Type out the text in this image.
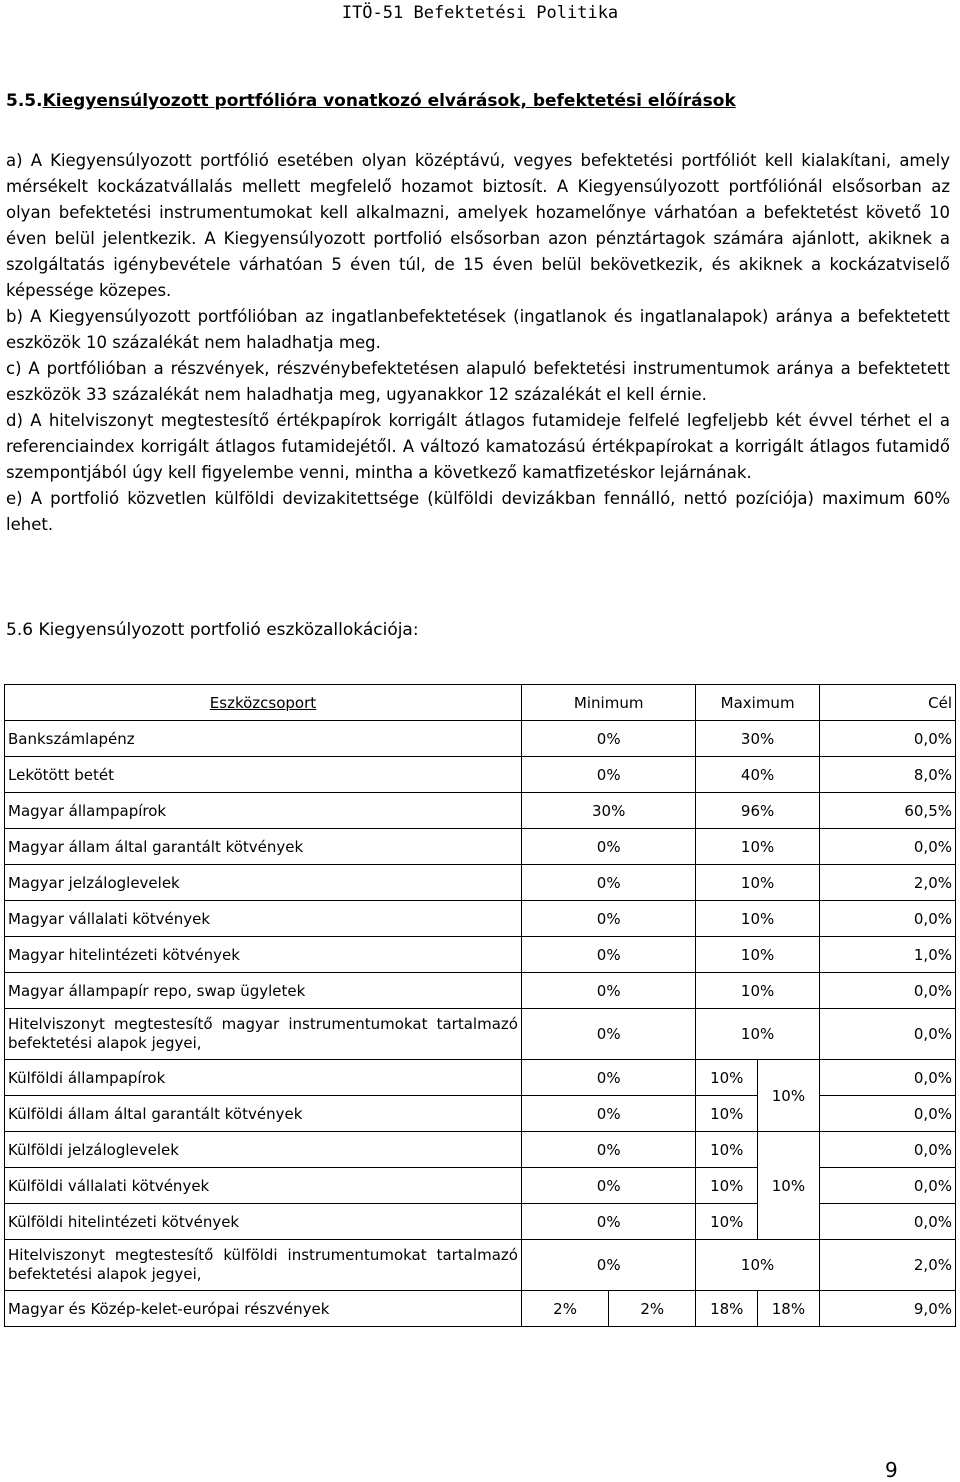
ITÖ-51 Befektetési Politika
5.5.Kiegyensúlyozott portfólióra vonatkozó elvárások, befektetési előírások

a) A Kiegyensúlyozott portfólió esetében olyan középtávú, vegyes befektetési portfóliót kell kialakítani, amely mérsékelt kockázatvállalás mellett megfelelő hozamot biztosít. A Kiegyensúlyozott portfóliónál elsősorban az olyan befektetési instrumentumokat kell alkalmazni, amelyek hozamelőnye várhatóan a befektetést követő 10 éven belül jelentkezik. A Kiegyensúlyozott portfolió elsősorban azon pénztártagok számára ajánlott, akiknek a szolgáltatás igénybevétele várhatóan 5 éven túl, de 15 éven belül bekövetkezik, és akiknek a kockázatviselő képessége közepes.

b) A Kiegyensúlyozott portfólióban az ingatlanbefektetések (ingatlanok és ingatlanalapok) aránya a befektetett eszközök 10 százalékát nem haladhatja meg.

c) A portfólióban a részvények, részvénybefektetésen alapuló befektetési instrumentumok aránya a befektetett eszközök 33 százalékát nem haladhatja meg, ugyanakkor 12 százalékát el kell érnie.

d) A hitelviszonyt megtestesítő értékpapírok korrigált átlagos futamideje felfelé legfeljebb két évvel térhet el a referenciaindex korrigált átlagos futamidejétől. A változó kamatozású értékpapírokat a korrigált átlagos futamidő szempontjából úgy kell figyelembe venni, mintha a következő kamatfizetéskor lejárnának.

e) A portfolió közvetlen külföldi devizakitettsége (külföldi devizákban fennálló, nettó pozíciója) maximum 60% lehet.

5.6 Kiegyensúlyozott portfolió eszközallokációja:
Eszközcsoport	Minimum		Maximum		Cél
Bankszámlapénz	0%		30%		0,0%
Lekötött betét	0%		40%		8,0%
Magyar állampapírok	30%		96%		60,5%
Magyar állam által garantált kötvények	0%		10%		0,0%
Magyar jelzáloglevelek	0%		10%		2,0%
Magyar vállalati kötvények	0%		10%		0,0%
Magyar hitelintézeti kötvények	0%		10%		1,0%
Magyar állampapír repo, swap ügyletek	0%		10%		0,0%
Hitelviszonyt megtestesítő magyar instrumentumokat tartalmazó befektetési alapok jegyei,	0%		10%		0,0%
Külföldi állampapírok	0%		10%	10%	0,0%
Külföldi állam által garantált kötvények	0%		10%		0,0%
Külföldi jelzáloglevelek	0%		10%	10%	0,0%
Külföldi vállalati kötvények	0%		10%		0,0%
Külföldi hitelintézeti kötvények	0%		10%		0,0%
Hitelviszonyt megtestesítő külföldi instrumentumokat tartalmazó befektetési alapok jegyei,	0%		10%		2,0%
Magyar és Közép-kelet-európai részvények	2%	2%	18%	18%	9,0%
9
